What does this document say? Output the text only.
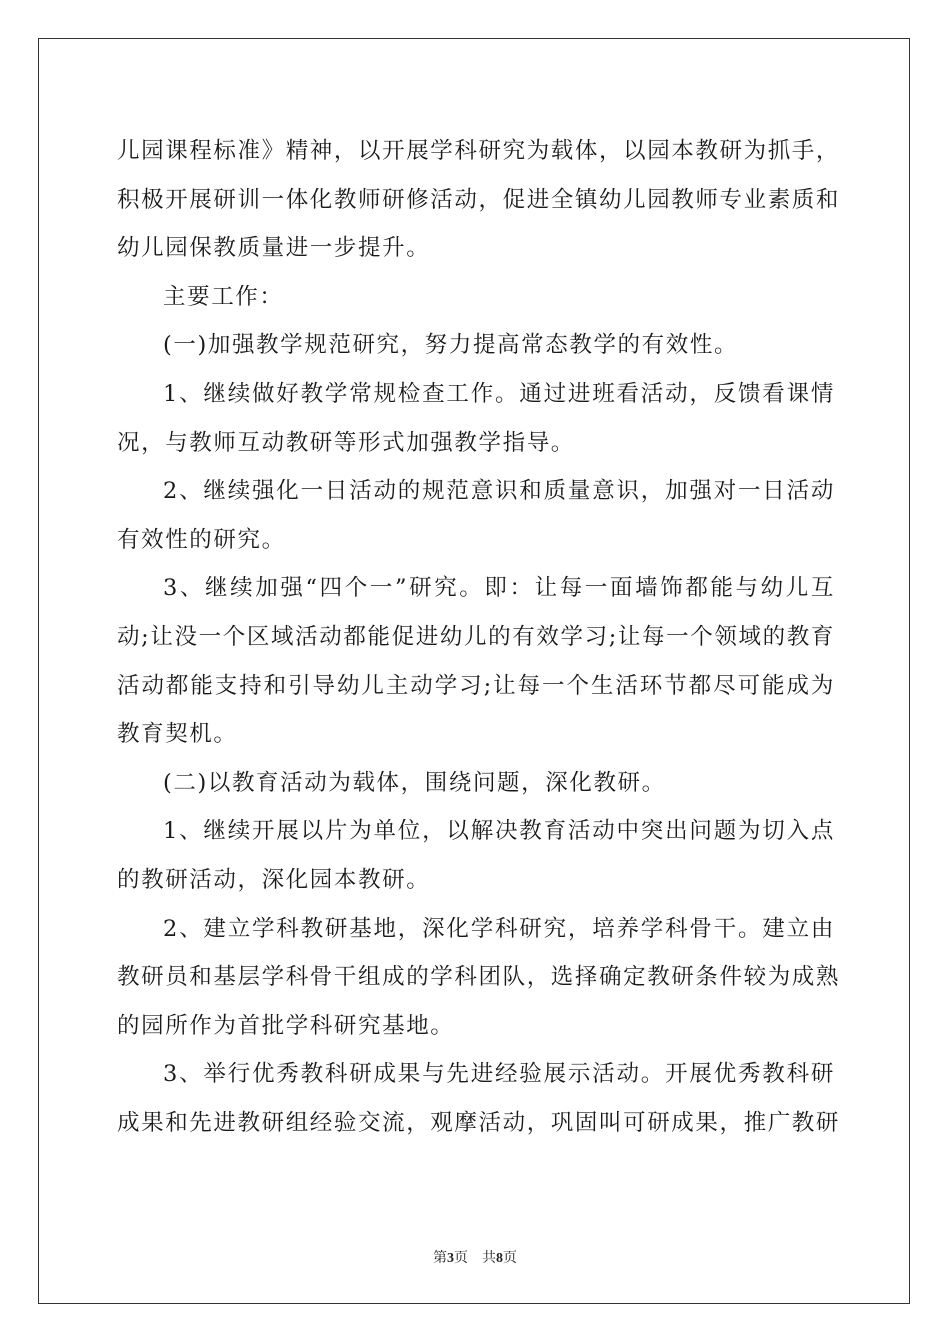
儿园课程标准》精神，以开展学科研究为载体，以园本教研为抓手，
积极开展研训一体化教师研修活动，促进全镇幼儿园教师专业素质和
幼儿园保教质量进一步提升。
主要工作：
(一)加强教学规范研究，努力提高常态教学的有效性。
1、继续做好教学常规检查工作。通过进班看活动，反馈看课情
况，与教师互动教研等形式加强教学指导。
2、继续强化一日活动的规范意识和质量意识，加强对一日活动
有效性的研究。
3、继续加强“四个一”研究。即：让每一面墙饰都能与幼儿互
动;让没一个区域活动都能促进幼儿的有效学习;让每一个领域的教育
活动都能支持和引导幼儿主动学习;让每一个生活环节都尽可能成为
教育契机。
(二)以教育活动为载体，围绕问题，深化教研。
1、继续开展以片为单位，以解决教育活动中突出问题为切入点
的教研活动，深化园本教研。
2、建立学科教研基地，深化学科研究，培养学科骨干。建立由
教研员和基层学科骨干组成的学科团队，选择确定教研条件较为成熟
的园所作为首批学科研究基地。
3、举行优秀教科研成果与先进经验展示活动。开展优秀教科研
成果和先进教研组经验交流，观摩活动，巩固叫可研成果，推广教研
第3页 共8页
